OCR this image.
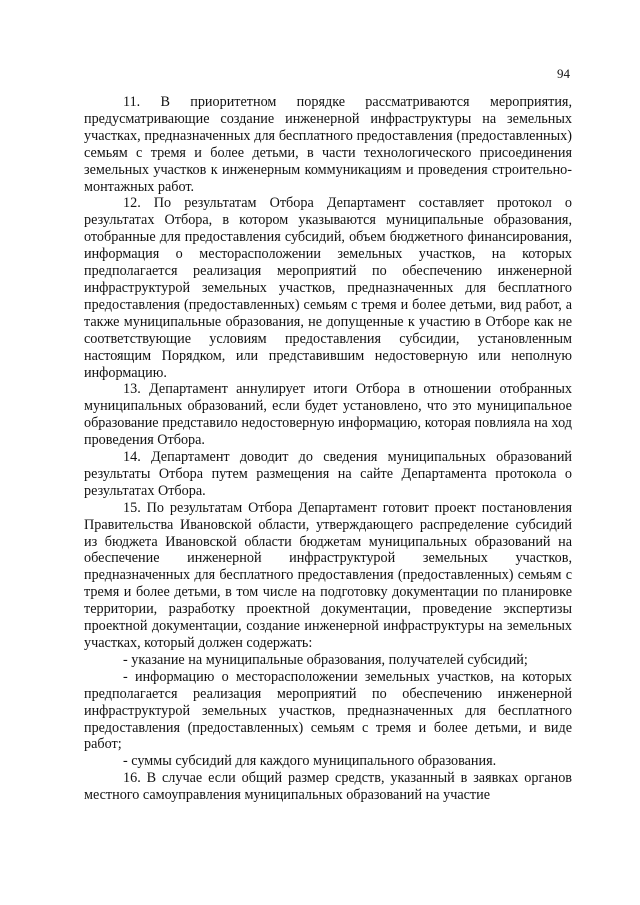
94

11. В приоритетном порядке рассматриваются мероприятия, предусматривающие создание инженерной инфраструктуры на земельных участках, предназначенных для бесплатного предоставления (предоставленных) семьям с тремя и более детьми, в части технологического присоединения земельных участков к инженерным коммуникациям и проведения строительно-монтажных работ.

12. По результатам Отбора Департамент составляет протокол о результатах Отбора, в котором указываются муниципальные образования, отобранные для предоставления субсидий, объем бюджетного финансирования, информация о месторасположении земельных участков, на которых предполагается реализация мероприятий по обеспечению инженерной инфраструктурой земельных участков, предназначенных для бесплатного предоставления (предоставленных) семьям с тремя и более детьми, вид работ, а также муниципальные образования, не допущенные к участию в Отборе как не соответствующие условиям предоставления субсидии, установленным настоящим Порядком, или представившим недостоверную или неполную информацию.

13. Департамент аннулирует итоги Отбора в отношении отобранных муниципальных образований, если будет установлено, что это муниципальное образование представило недостоверную информацию, которая повлияла на ход проведения Отбора.

14. Департамент доводит до сведения муниципальных образований результаты Отбора путем размещения на сайте Департамента протокола о результатах Отбора.

15. По результатам Отбора Департамент готовит проект постановления Правительства Ивановской области, утверждающего распределение субсидий из бюджета Ивановской области бюджетам муниципальных образований на обеспечение инженерной инфраструктурой земельных участков, предназначенных для бесплатного предоставления (предоставленных) семьям с тремя и более детьми, в том числе на подготовку документации по планировке территории, разработку проектной документации, проведение экспертизы проектной документации, создание инженерной инфраструктуры на земельных участках, который должен содержать:

- указание на муниципальные образования, получателей субсидий;

- информацию о месторасположении земельных участков, на которых предполагается реализация мероприятий по обеспечению инженерной инфраструктурой земельных участков, предназначенных для бесплатного предоставления (предоставленных) семьям с тремя и более детьми, и виде работ;

- суммы субсидий для каждого муниципального образования.

16. В случае если общий размер средств, указанный в заявках органов местного самоуправления муниципальных образований на участие
